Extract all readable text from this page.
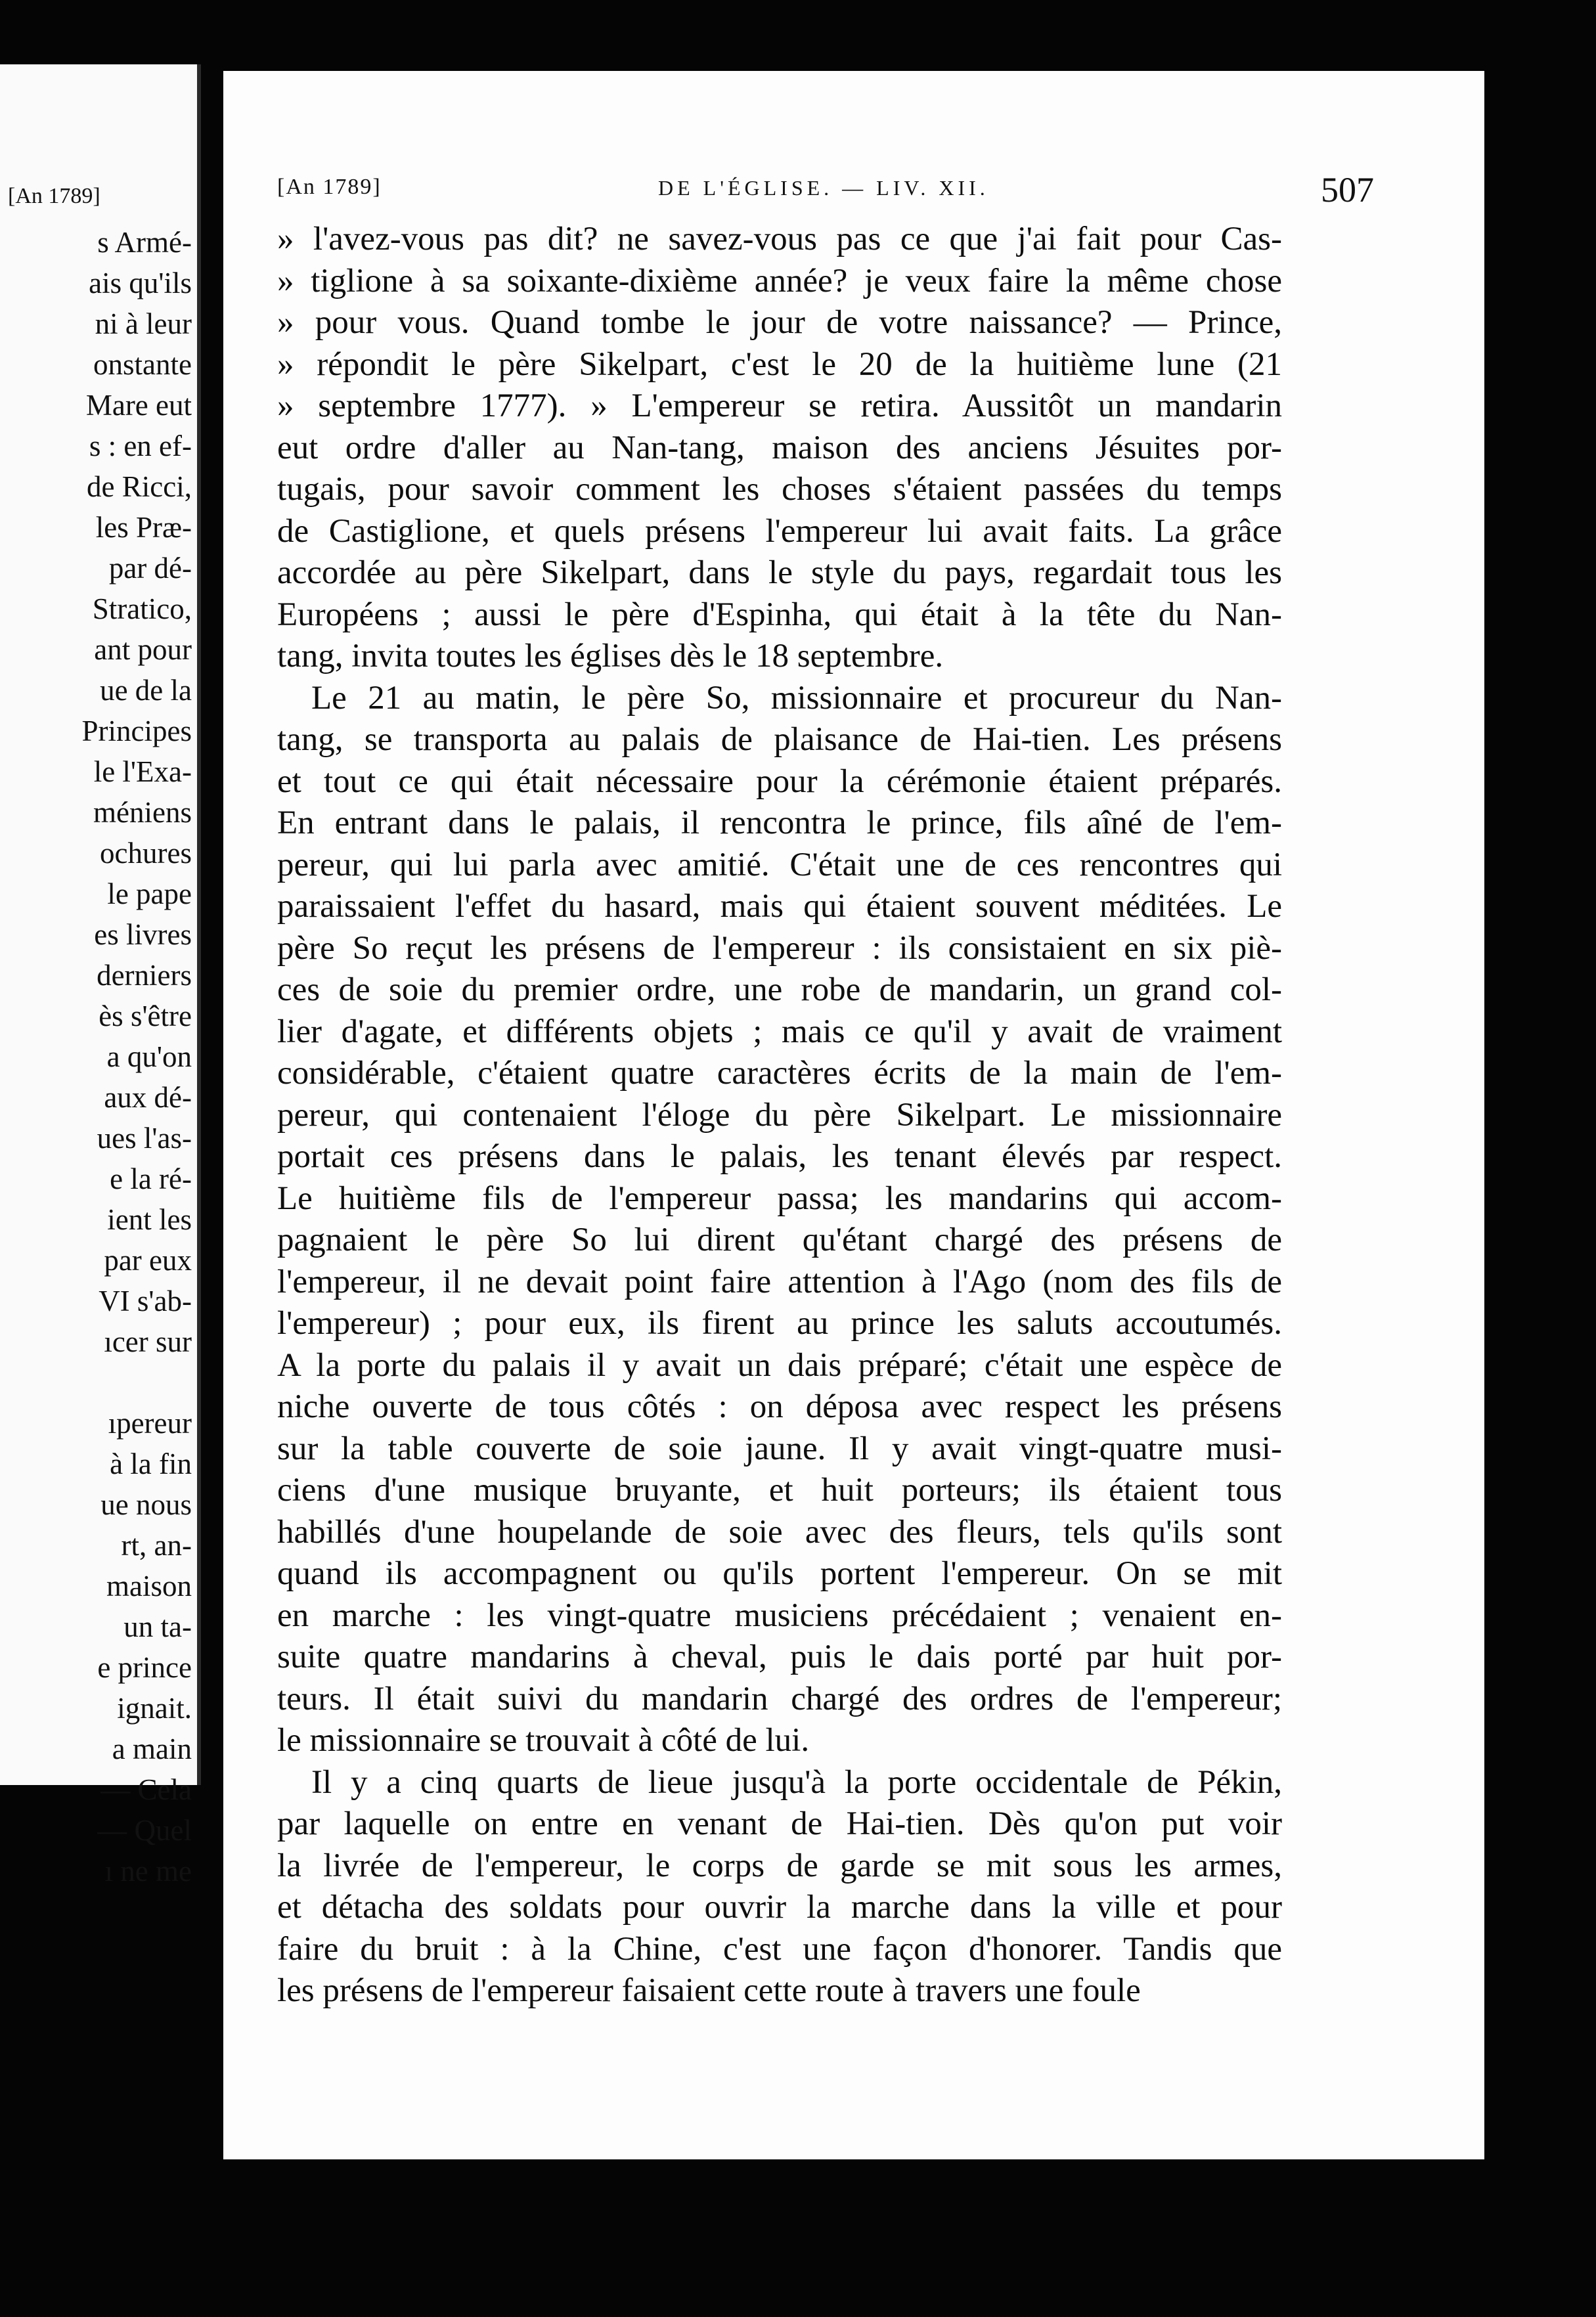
[An 1789]
s Armé-
ais qu'ils
ni à leur
onstante
Mare eut
s : en ef-
de Ricci,
les Præ-
par dé-
Stratico,
ant pour
ue de la
Principes
le l'Exa-
méniens
ochures
le pape
es livres
derniers
ès s'être
a qu'on
aux dé-
ues l'as-
e la ré-
ient les
par eux
VI s'ab-
ıcer sur
ıpereur
à la fin
ue nous
rt, an-
maison
un ta-
e prince
ignait.
a main
— Cela
— Quel
ı ne me
[An 1789]	DE L'ÉGLISE. — LIV. XII.	507
» l'avez-vous pas dit? ne savez-vous pas ce que j'ai fait pour Cas-
» tiglione à sa soixante-dixième année? je veux faire la même chose
» pour vous. Quand tombe le jour de votre naissance? — Prince,
» répondit le père Sikelpart, c'est le 20 de la huitième lune (21
» septembre 1777). » L'empereur se retira. Aussitôt un mandarin
eut ordre d'aller au Nan-tang, maison des anciens Jésuites por-
tugais, pour savoir comment les choses s'étaient passées du temps
de Castiglione, et quels présens l'empereur lui avait faits. La grâce
accordée au père Sikelpart, dans le style du pays, regardait tous les
Européens ; aussi le père d'Espinha, qui était à la tête du Nan-
tang, invita toutes les églises dès le 18 septembre.
Le 21 au matin, le père So, missionnaire et procureur du Nan-
tang, se transporta au palais de plaisance de Hai-tien. Les présens
et tout ce qui était nécessaire pour la cérémonie étaient préparés.
En entrant dans le palais, il rencontra le prince, fils aîné de l'em-
pereur, qui lui parla avec amitié. C'était une de ces rencontres qui
paraissaient l'effet du hasard, mais qui étaient souvent méditées. Le
père So reçut les présens de l'empereur : ils consistaient en six piè-
ces de soie du premier ordre, une robe de mandarin, un grand col-
lier d'agate, et différents objets ; mais ce qu'il y avait de vraiment
considérable, c'étaient quatre caractères écrits de la main de l'em-
pereur, qui contenaient l'éloge du père Sikelpart. Le missionnaire
portait ces présens dans le palais, les tenant élevés par respect.
Le huitième fils de l'empereur passa; les mandarins qui accom-
pagnaient le père So lui dirent qu'étant chargé des présens de
l'empereur, il ne devait point faire attention à l'Ago (nom des fils de
l'empereur) ; pour eux, ils firent au prince les saluts accoutumés.
A la porte du palais il y avait un dais préparé; c'était une espèce de
niche ouverte de tous côtés : on déposa avec respect les présens
sur la table couverte de soie jaune. Il y avait vingt-quatre musi-
ciens d'une musique bruyante, et huit porteurs; ils étaient tous
habillés d'une houpelande de soie avec des fleurs, tels qu'ils sont
quand ils accompagnent ou qu'ils portent l'empereur. On se mit
en marche : les vingt-quatre musiciens précédaient ; venaient en-
suite quatre mandarins à cheval, puis le dais porté par huit por-
teurs. Il était suivi du mandarin chargé des ordres de l'empereur;
le missionnaire se trouvait à côté de lui.
Il y a cinq quarts de lieue jusqu'à la porte occidentale de Pékin,
par laquelle on entre en venant de Hai-tien. Dès qu'on put voir
la livrée de l'empereur, le corps de garde se mit sous les armes,
et détacha des soldats pour ouvrir la marche dans la ville et pour
faire du bruit : à la Chine, c'est une façon d'honorer. Tandis que
les présens de l'empereur faisaient cette route à travers une foule
